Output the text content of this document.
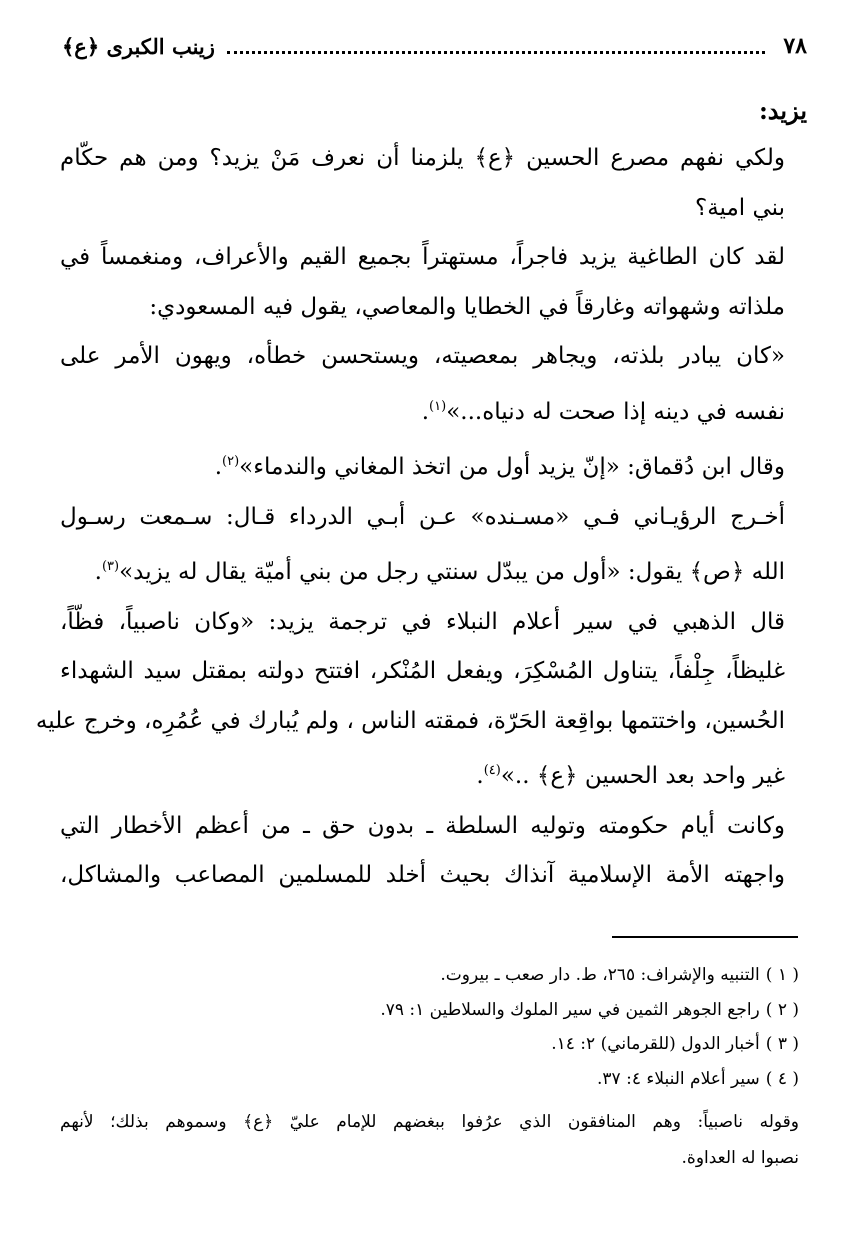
٧٨
زينب الكبرى ﴿ع﴾

يزيد:

ولكي نفهم مصرع الحسين ﴿ع﴾ يلزمنا أن نعرف مَنْ يزيد؟ ومن هم حكّام
بني امية؟

لقد كان الطاغية يزيد فاجراً، مستهتراً بجميع القيم والأعراف، ومنغمساً في
ملذاته وشهواته وغارقاً في الخطايا والمعاصي، يقول فيه المسعودي:

«كان يبادر بلذته، ويجاهر بمعصيته، ويستحسن خطأه، ويهون الأمر على
نفسه في دينه إذا صحت له دنياه...»$^{(١)}$.

وقال ابن دُقماق: «إنّ يزيد أول من اتخذ المغاني والندماء»$^{(٢)}$.

أخـرج الرؤيـاني فـي «مسـنده» عـن أبـي الدرداء قـال: سـمعت رسـول
الله ﴿ص﴾ يقول: «أول من يبدّل سنتي رجل من بني أميّة يقال له يزيد»$^{(٣)}$.

قال الذهبي في سير أعلام النبلاء في ترجمة يزيد: «وكان ناصبياً، فظّاً،
غليظاً، جِلْفاً، يتناول المُسْكِرَ، ويفعل المُنْكر، افتتح دولته بمقتل سيد الشهداء
الحُسين، واختتمها بواقِعة الحَرّة، فمقته الناس ، ولم يُبارك في عُمُرِه، وخرج عليه
غير واحد بعد الحسين ﴿ع﴾ ..»$^{(٤)}$.

وكانت أيام حكومته وتوليه السلطة ـ بدون حق ـ من أعظم الأخطار التي
واجهته الأمة الإسلامية آنذاك بحيث أخلد للمسلمين المصاعب والمشاكل،

( ١ )التنبيه والإشراف: ٢٦٥، ط. دار صعب ـ بيروت.

( ٢ )راجع الجوهر الثمين في سير الملوك والسلاطين ١: ٧٩.

( ٣ )أخبار الدول (للقرماني) ٢: ١٤.

( ٤ )سير أعلام النبلاء ٤: ٣٧.

وقوله ناصبياً: وهم المنافقون الذي عرُفوا ببغضهم للإمام عليّ ﴿ع﴾ وسموهم بذلك؛ لأنهم
نصبوا له العداوة.
